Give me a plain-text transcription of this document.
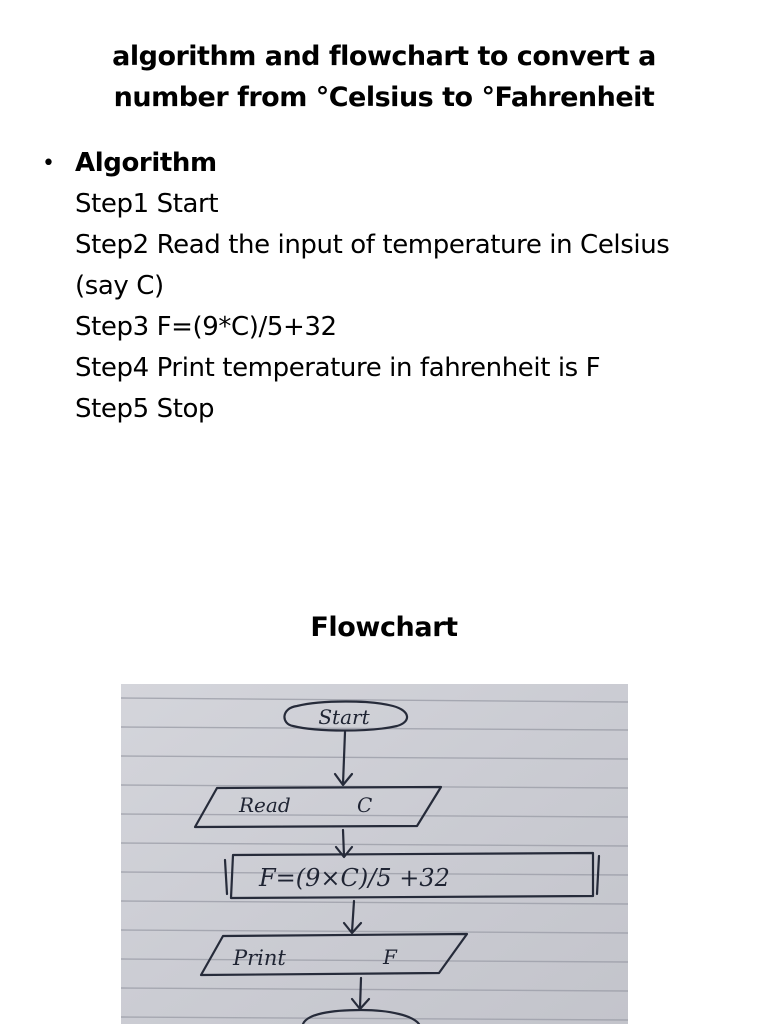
algorithm and flowchart to convert a
number from °Celsius to °Fahrenheit
• Algorithm
Step1 Start
Step2 Read the input of temperature in Celsius
(say C)
Step3 F=(9*C)/5+32
Step4 Print temperature in fahrenheit is F
Step5 Stop
Flowchart
Start
Read	C
F=(9×C)/5 +32
Print	F
